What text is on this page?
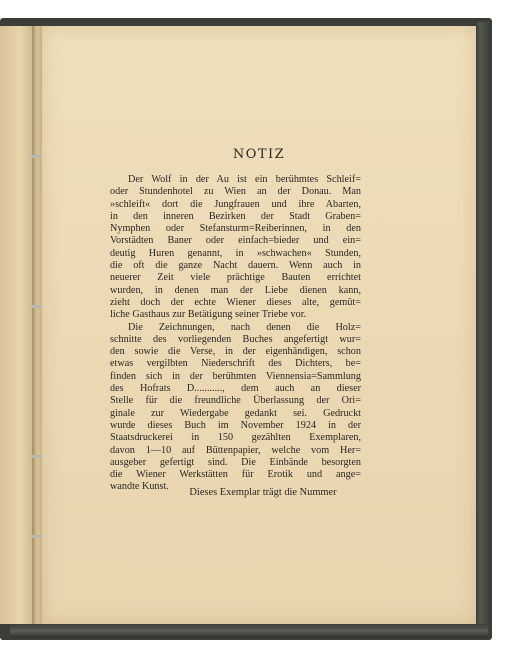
NOTIZ
Der Wolf in der Au ist ein berühmtes Schleif=
oder Stundenhotel zu Wien an der Donau. Man
»schleift« dort die Jungfrauen und ihre Abarten,
in den inneren Bezirken der Stadt Graben=
Nymphen oder Stefansturm=Reiberinnen, in den
Vorstädten Baner oder einfach=bieder und ein=
deutig Huren genannt, in »schwachen« Stunden,
die oft die ganze Nacht dauern. Wenn auch in
neuerer Zeit viele prächtige Bauten errichtet
wurden, in denen man der Liebe dienen kann,
zieht doch der echte Wiener dieses alte, gemüt=
liche Gasthaus zur Betätigung seiner Triebe vor.
Die Zeichnungen, nach denen die Holz=
schnitte des vorliegenden Buches angefertigt wur=
den sowie die Verse, in der eigenhändigen, schon
etwas vergilbten Niederschrift des Dichters, be=
finden sich in der berühmten Viennensia=Sammlung
des Hofrats D..........., dem auch an dieser
Stelle für die freundliche Überlassung der Ori=
ginale zur Wiedergabe gedankt sei. Gedruckt
wurde dieses Buch im November 1924 in der
Staatsdruckerei in 150 gezählten Exemplaren,
davon 1—10 auf Büttenpapier, welche vom Her=
ausgeber gefertigt sind. Die Einbände besorgten
die Wiener Werkstätten für Erotik und ange=
wandte Kunst.
Dieses Exemplar trägt die Nummer
